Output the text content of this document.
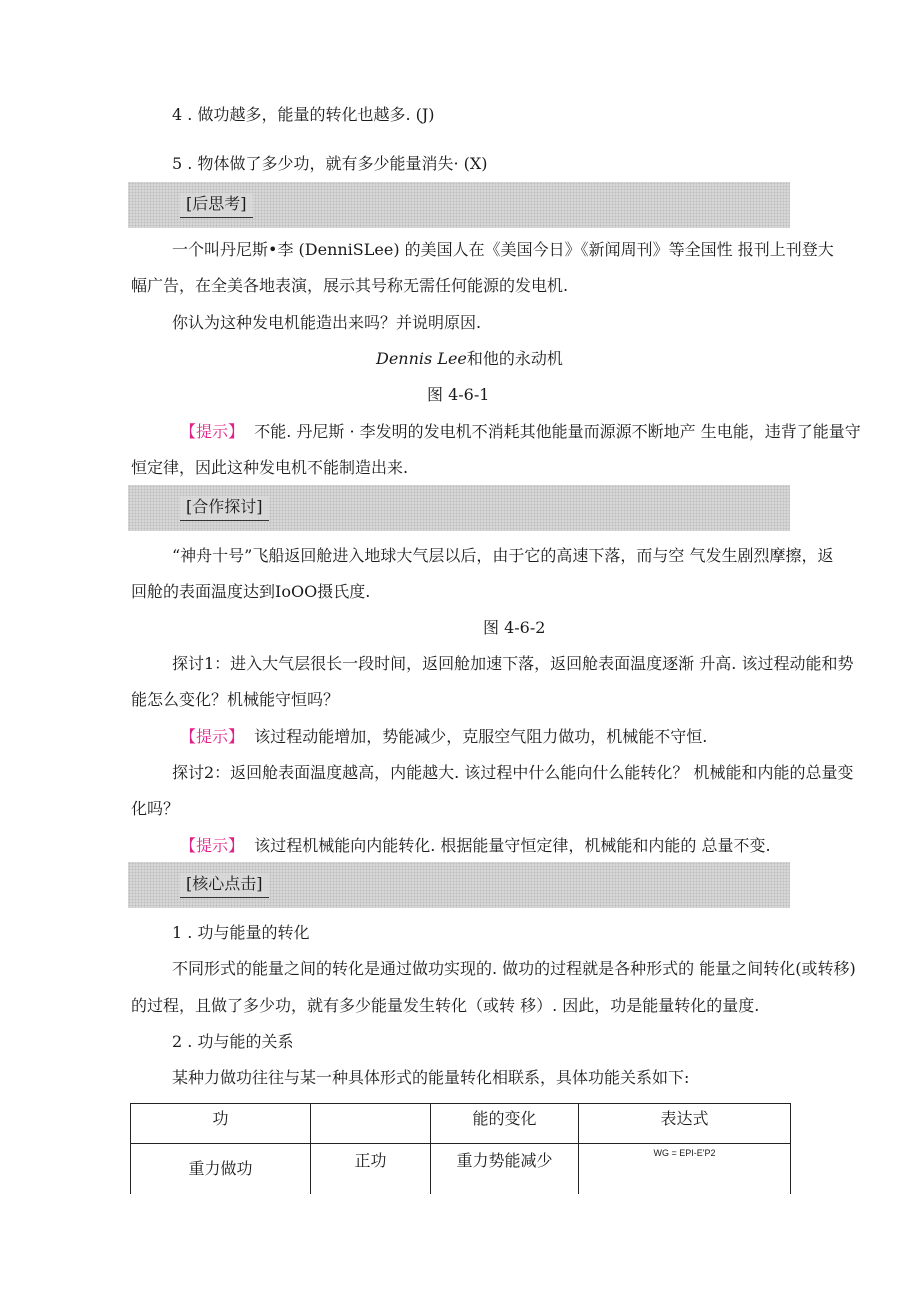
4 . 做功越多，能量的转化也越多. (J)
5 . 物体做了多少功，就有多少能量消失· (X)
[后思考]
一个叫丹尼斯•李 (DenniSLee) 的美国人在《美国今日》《新闻周刊》等全国性 报刊上刊登大
幅广告，在全美各地表演，展示其号称无需任何能源的发电机.
你认为这种发电机能造出来吗？并说明原因.
Dennis Lee和他的永动机
图 4-6-1
【提示】 不能. 丹尼斯 · 李发明的发电机不消耗其他能量而源源不断地产 生电能，违背了能量守
恒定律，因此这种发电机不能制造出来.
[合作探讨]
“神舟十号”飞船返回舱进入地球大气层以后，由于它的高速下落，而与空 气发生剧烈摩擦，返
回舱的表面温度达到IoOO摄氏度.
图 4-6-2
探讨1：进入大气层很长一段时间，返回舱加速下落，返回舱表面温度逐渐 升高. 该过程动能和势
能怎么变化？机械能守恒吗？
【提示】 该过程动能增加，势能减少，克服空气阻力做功，机械能不守恒.
探讨2：返回舱表面温度越高，内能越大. 该过程中什么能向什么能转化？ 机械能和内能的总量变
化吗？
【提示】 该过程机械能向内能转化. 根据能量守恒定律，机械能和内能的 总量不变.
[核心点击]
1 . 功与能量的转化
不同形式的能量之间的转化是通过做功实现的. 做功的过程就是各种形式的 能量之间转化(或转移)
的过程，且做了多少功，就有多少能量发生转化（或转 移）. 因此，功是能量转化的量度.
2 . 功与能的关系
某种力做功往往与某一种具体形式的能量转化相联系，具体功能关系如下:
功		能的变化	表达式
重力做功	正功	重力势能减少	WG = EPI-E'P2
